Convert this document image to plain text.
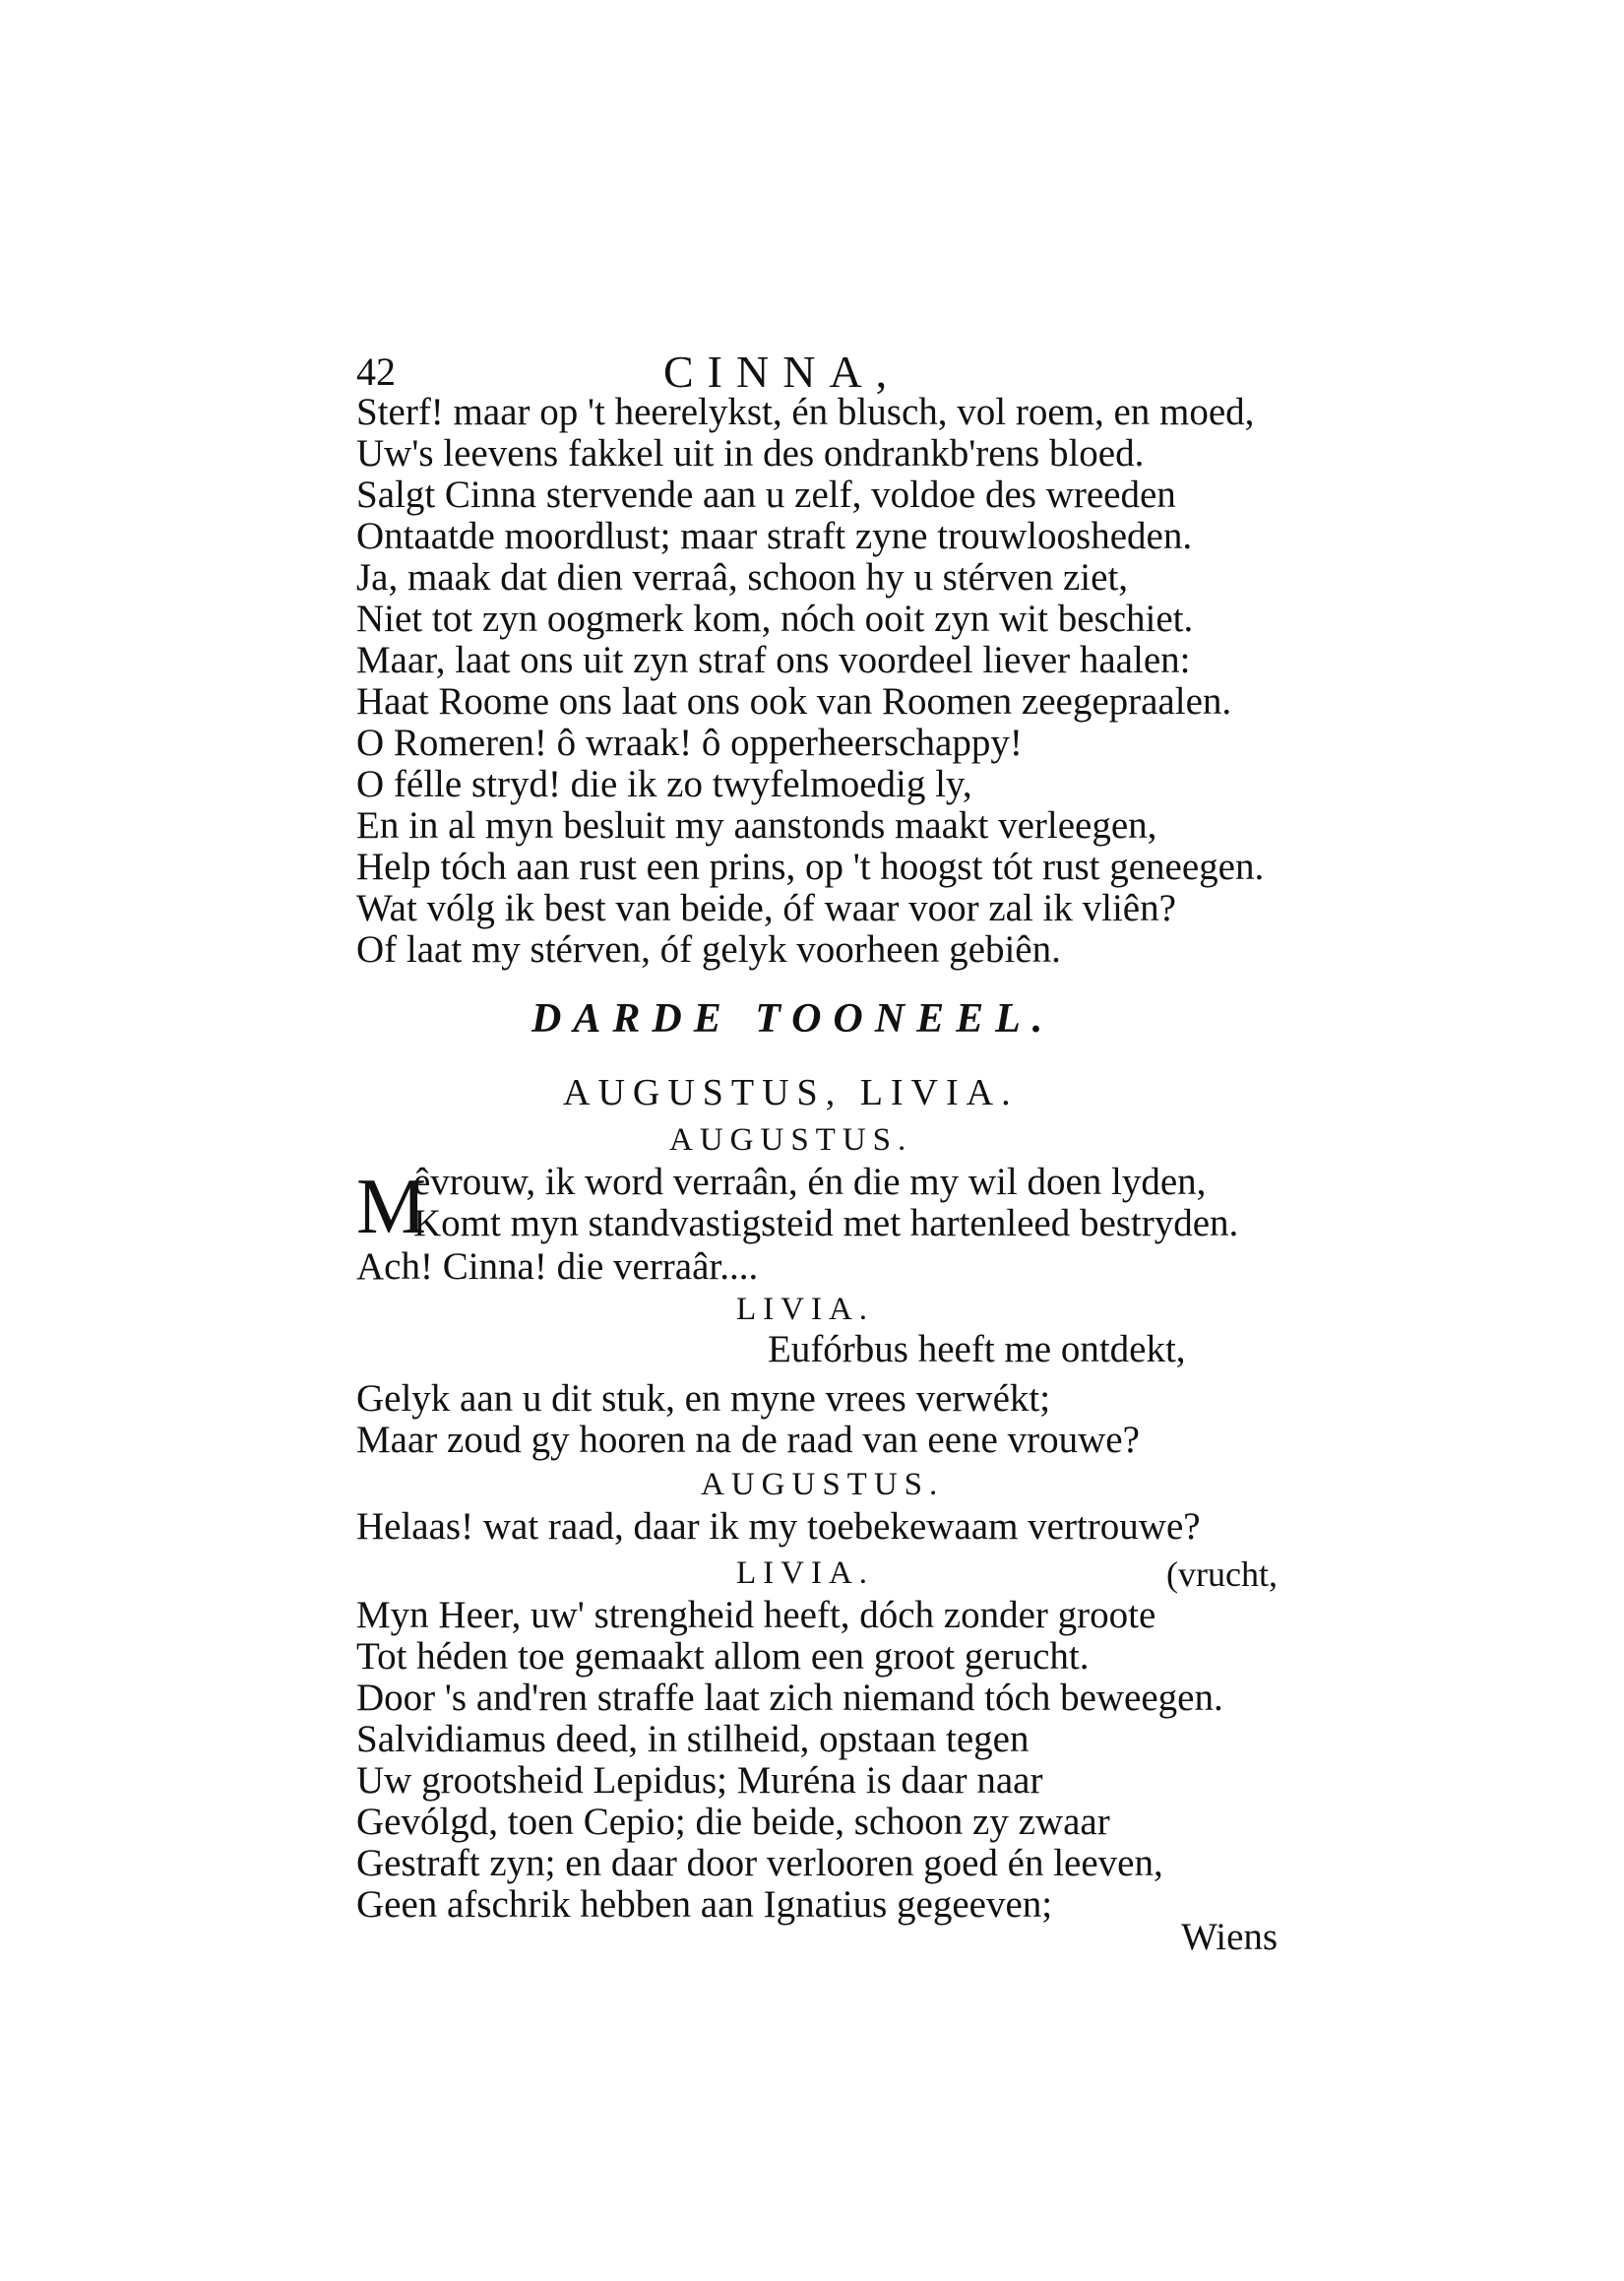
42	CINNA,
Sterf! maar op 't heerelykst, én blusch, vol roem, en moed,
Uw's leevens fakkel uit in des ondrankb'rens bloed.
Salgt Cinna stervende aan u zelf, voldoe des wreeden
Ontaatde moordlust; maar straft zyne trouwloosheden.
Ja, maak dat dien verraâ, schoon hy u stérven ziet,
Niet tot zyn oogmerk kom, nóch ooit zyn wit beschiet.
Maar, laat ons uit zyn straf ons voordeel liever haalen:
Haat Roome ons laat ons ook van Roomen zeegepraalen.
O Romeren! ô wraak! ô opperheerschappy!
O félle stryd! die ik zo twyfelmoedig ly,
En in al myn besluit my aanstonds maakt verleegen,
Help tóch aan rust een prins, op 't hoogst tót rust geneegen.
Wat vólg ik best van beide, óf waar voor zal ik vliên?
Of laat my stérven, óf gelyk voorheen gebiên.
DARDE TOONEEL.
AUGUSTUS, LIVIA.
AUGUSTUS.
M
êvrouw, ik word verraân, én die my wil doen lyden,
Komt myn standvastigsteid met hartenleed bestryden.
Ach! Cinna! die verraâr....
LIVIA.
Eufórbus heeft me ontdekt,
Gelyk aan u dit stuk, en myne vrees verwékt;
Maar zoud gy hooren na de raad van eene vrouwe?
AUGUSTUS.
Helaas! wat raad, daar ik my toebekewaam vertrouwe?
LIVIA.	(vrucht,
Myn Heer, uw' strengheid heeft, dóch zonder groote
Tot héden toe gemaakt allom een groot gerucht.
Door 's and'ren straffe laat zich niemand tóch beweegen.
Salvidiamus deed, in stilheid, opstaan tegen
Uw grootsheid Lepidus; Muréna is daar naar
Gevólgd, toen Cepio; die beide, schoon zy zwaar
Gestraft zyn; en daar door verlooren goed én leeven,
Geen afschrik hebben aan Ignatius gegeeven;
Wiens
